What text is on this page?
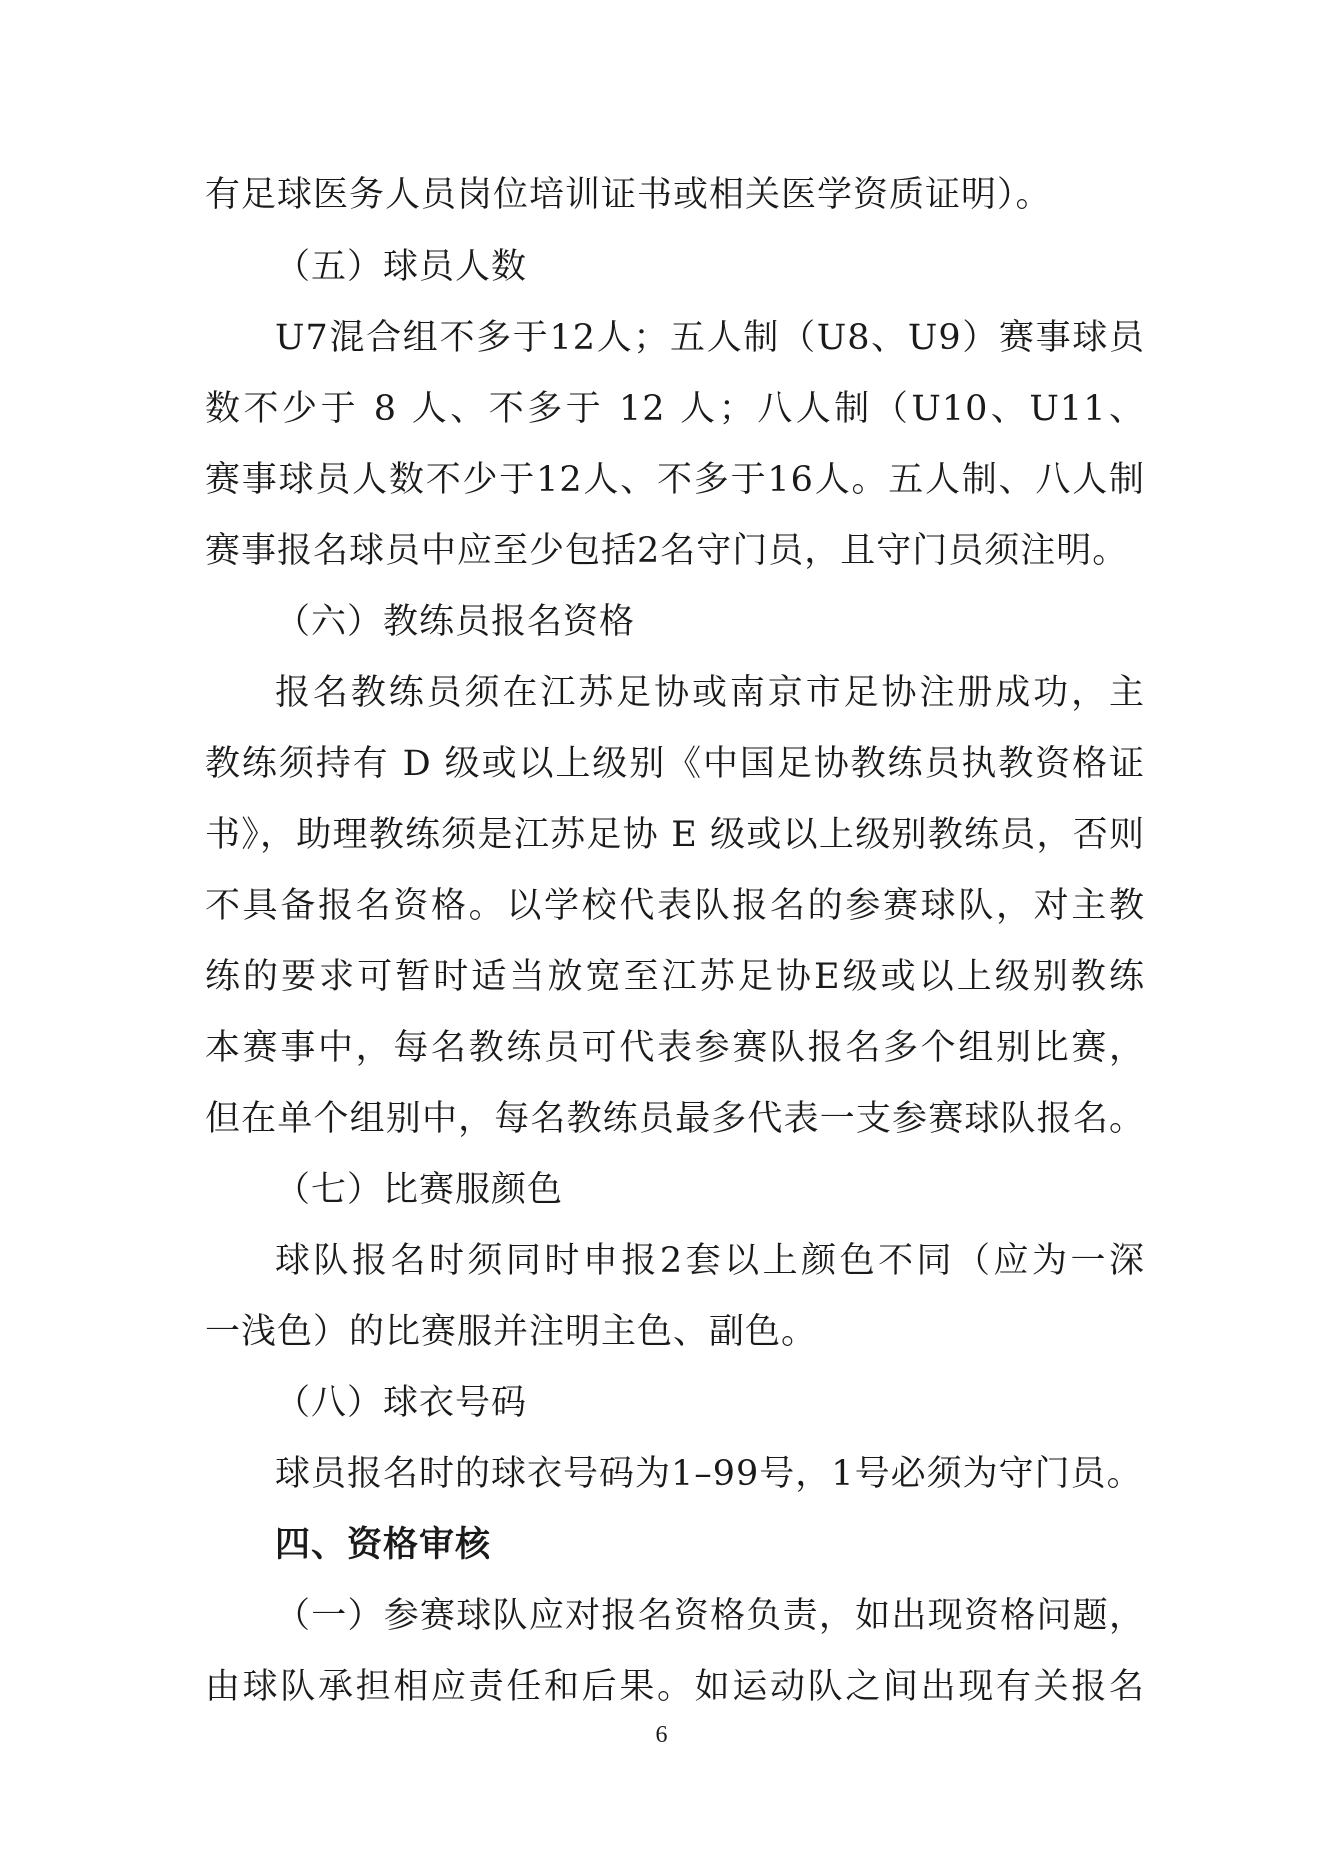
有足球医务人员岗位培训证书或相关医学资质证明）。
（五）球员人数
U7混合组不多于12人；五人制（U8、U9）赛事球员
数不少于 8 人、不多于 12 人；八人制（U10、U11、
赛事球员人数不少于12人、不多于16人。五人制、八人制
赛事报名球员中应至少包括2名守门员，且守门员须注明。
（六）教练员报名资格
报名教练员须在江苏足协或南京市足协注册成功，主
教练须持有 D 级或以上级别《中国足协教练员执教资格证
书》，助理教练须是江苏足协 E 级或以上级别教练员，否则
不具备报名资格。以学校代表队报名的参赛球队，对主教
练的要求可暂时适当放宽至江苏足协E级或以上级别教练
本赛事中，每名教练员可代表参赛队报名多个组别比赛，
但在单个组别中，每名教练员最多代表一支参赛球队报名。
（七）比赛服颜色
球队报名时须同时申报2套以上颜色不同（应为一深
一浅色）的比赛服并注明主色、副色。
（八）球衣号码
球员报名时的球衣号码为1–99号，1号必须为守门员。
四、资格审核
（一）参赛球队应对报名资格负责，如出现资格问题，
由球队承担相应责任和后果。如运动队之间出现有关报名
6
